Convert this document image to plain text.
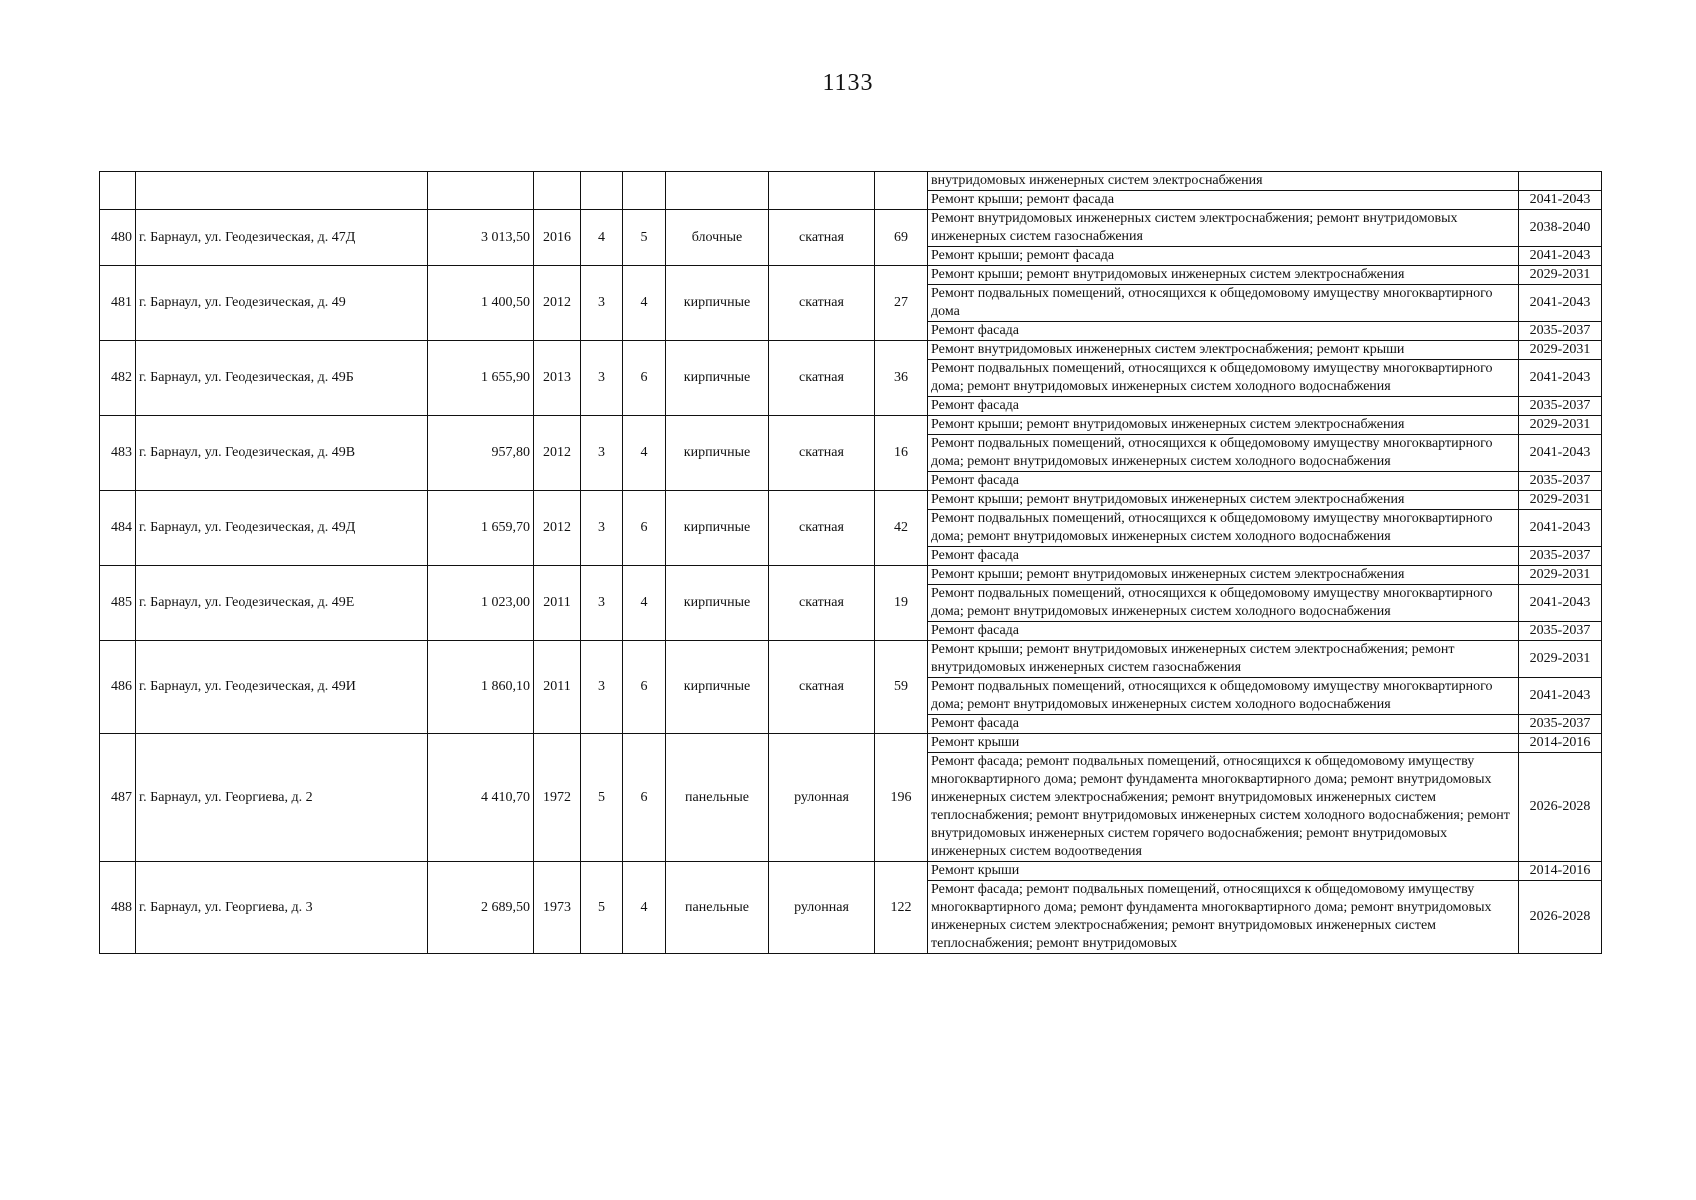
1133
									внутридомовых инженерных систем электроснабжения	
									Ремонт крыши; ремонт фасада	2041-2043
480	г. Барнаул, ул. Геодезическая, д. 47Д	3 013,50	2016	4	5	блочные	скатная	69	Ремонт внутридомовых инженерных систем электроснабжения; ремонт внутридомовых инженерных систем газоснабжения	2038-2040
									Ремонт крыши; ремонт фасада	2041-2043
481	г. Барнаул, ул. Геодезическая, д. 49	1 400,50	2012	3	4	кирпичные	скатная	27	Ремонт крыши; ремонт внутридомовых инженерных систем электроснабжения	2029-2031
									Ремонт подвальных помещений, относящихся к общедомовому имуществу многоквартирного дома	2041-2043
									Ремонт фасада	2035-2037
482	г. Барнаул, ул. Геодезическая, д. 49Б	1 655,90	2013	3	6	кирпичные	скатная	36	Ремонт внутридомовых инженерных систем электроснабжения; ремонт крыши	2029-2031
									Ремонт подвальных помещений, относящихся к общедомовому имуществу многоквартирного дома; ремонт внутридомовых инженерных систем холодного водоснабжения	2041-2043
									Ремонт фасада	2035-2037
483	г. Барнаул, ул. Геодезическая, д. 49В	957,80	2012	3	4	кирпичные	скатная	16	Ремонт крыши; ремонт внутридомовых инженерных систем электроснабжения	2029-2031
									Ремонт подвальных помещений, относящихся к общедомовому имуществу многоквартирного дома; ремонт внутридомовых инженерных систем холодного водоснабжения	2041-2043
									Ремонт фасада	2035-2037
484	г. Барнаул, ул. Геодезическая, д. 49Д	1 659,70	2012	3	6	кирпичные	скатная	42	Ремонт крыши; ремонт внутридомовых инженерных систем электроснабжения	2029-2031
									Ремонт подвальных помещений, относящихся к общедомовому имуществу многоквартирного дома; ремонт внутридомовых инженерных систем холодного водоснабжения	2041-2043
									Ремонт фасада	2035-2037
485	г. Барнаул, ул. Геодезическая, д. 49Е	1 023,00	2011	3	4	кирпичные	скатная	19	Ремонт крыши; ремонт внутридомовых инженерных систем электроснабжения	2029-2031
									Ремонт подвальных помещений, относящихся к общедомовому имуществу многоквартирного дома; ремонт внутридомовых инженерных систем холодного водоснабжения	2041-2043
									Ремонт фасада	2035-2037
486	г. Барнаул, ул. Геодезическая, д. 49И	1 860,10	2011	3	6	кирпичные	скатная	59	Ремонт крыши; ремонт внутридомовых инженерных систем электроснабжения; ремонт внутридомовых инженерных систем газоснабжения	2029-2031
									Ремонт подвальных помещений, относящихся к общедомовому имуществу многоквартирного дома; ремонт внутридомовых инженерных систем холодного водоснабжения	2041-2043
									Ремонт фасада	2035-2037
487	г. Барнаул, ул. Георгиева, д. 2	4 410,70	1972	5	6	панельные	рулонная	196	Ремонт крыши	2014-2016
									Ремонт фасада; ремонт подвальных помещений, относящихся к общедомовому имуществу многоквартирного дома; ремонт фундамента многоквартирного дома; ремонт внутридомовых инженерных систем электроснабжения; ремонт внутридомовых инженерных систем теплоснабжения; ремонт внутридомовых инженерных систем холодного водоснабжения; ремонт внутридомовых инженерных систем горячего водоснабжения; ремонт внутридомовых инженерных систем водоотведения	2026-2028
488	г. Барнаул, ул. Георгиева, д. 3	2 689,50	1973	5	4	панельные	рулонная	122	Ремонт крыши	2014-2016
									Ремонт фасада; ремонт подвальных помещений, относящихся к общедомовому имуществу многоквартирного дома; ремонт фундамента многоквартирного дома; ремонт внутридомовых инженерных систем электроснабжения; ремонт внутридомовых инженерных систем теплоснабжения; ремонт внутридомовых	2026-2028
